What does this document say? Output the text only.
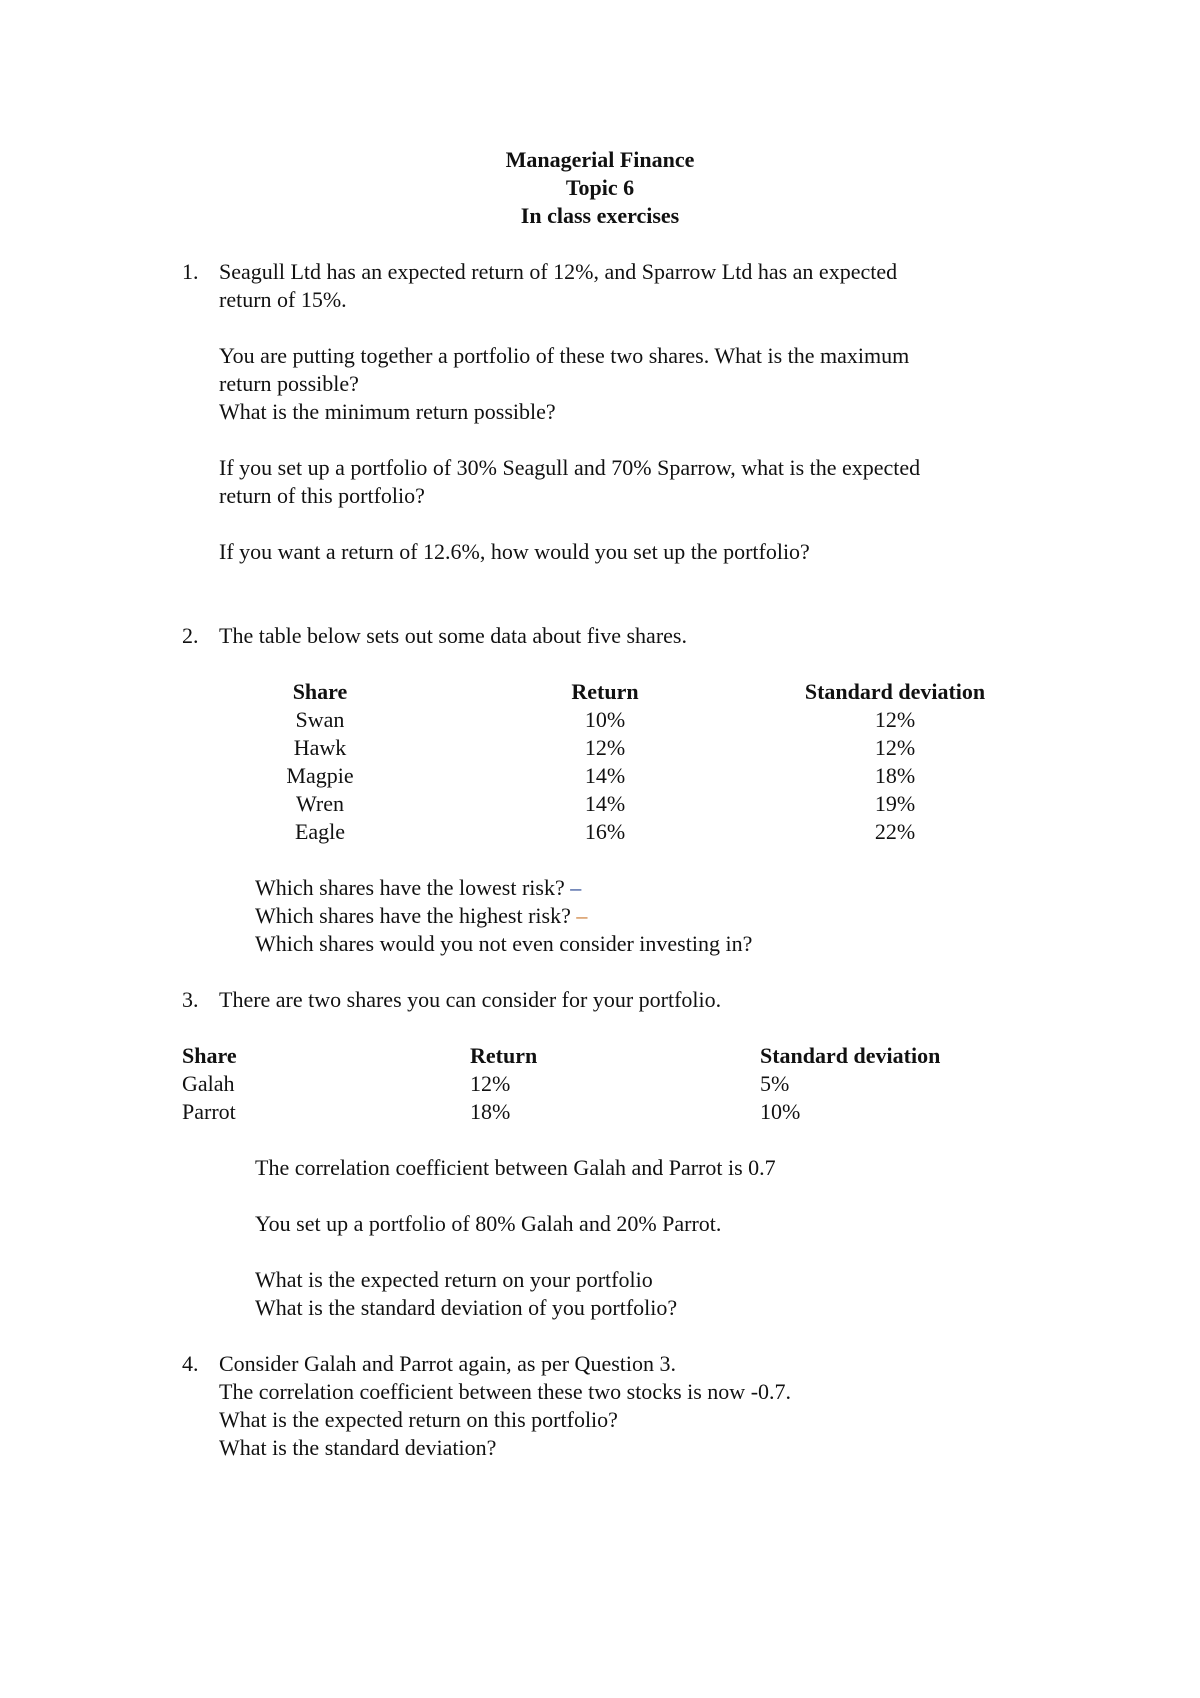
Managerial Finance
Topic 6
In class exercises
1. Seagull Ltd has an expected return of 12%, and Sparrow Ltd has an expected
return of 15%.
You are putting together a portfolio of these two shares. What is the maximum
return possible?
What is the minimum return possible?
If you set up a portfolio of 30% Seagull and 70% Sparrow, what is the expected
return of this portfolio?
If you want a return of 12.6%, how would you set up the portfolio?
2. The table below sets out some data about five shares.
Share	Return	Standard deviation
Swan	10%	12%
Hawk	12%	12%
Magpie	14%	18%
Wren	14%	19%
Eagle	16%	22%
Which shares have the lowest risk? –
Which shares have the highest risk? –
Which shares would you not even consider investing in?
3. There are two shares you can consider for your portfolio.
Share	Return	Standard deviation
Galah	12%	5%
Parrot	18%	10%
The correlation coefficient between Galah and Parrot is 0.7
You set up a portfolio of 80% Galah and 20% Parrot.
What is the expected return on your portfolio
What is the standard deviation of you portfolio?
4. Consider Galah and Parrot again, as per Question 3.
The correlation coefficient between these two stocks is now -0.7.
What is the expected return on this portfolio?
What is the standard deviation?
